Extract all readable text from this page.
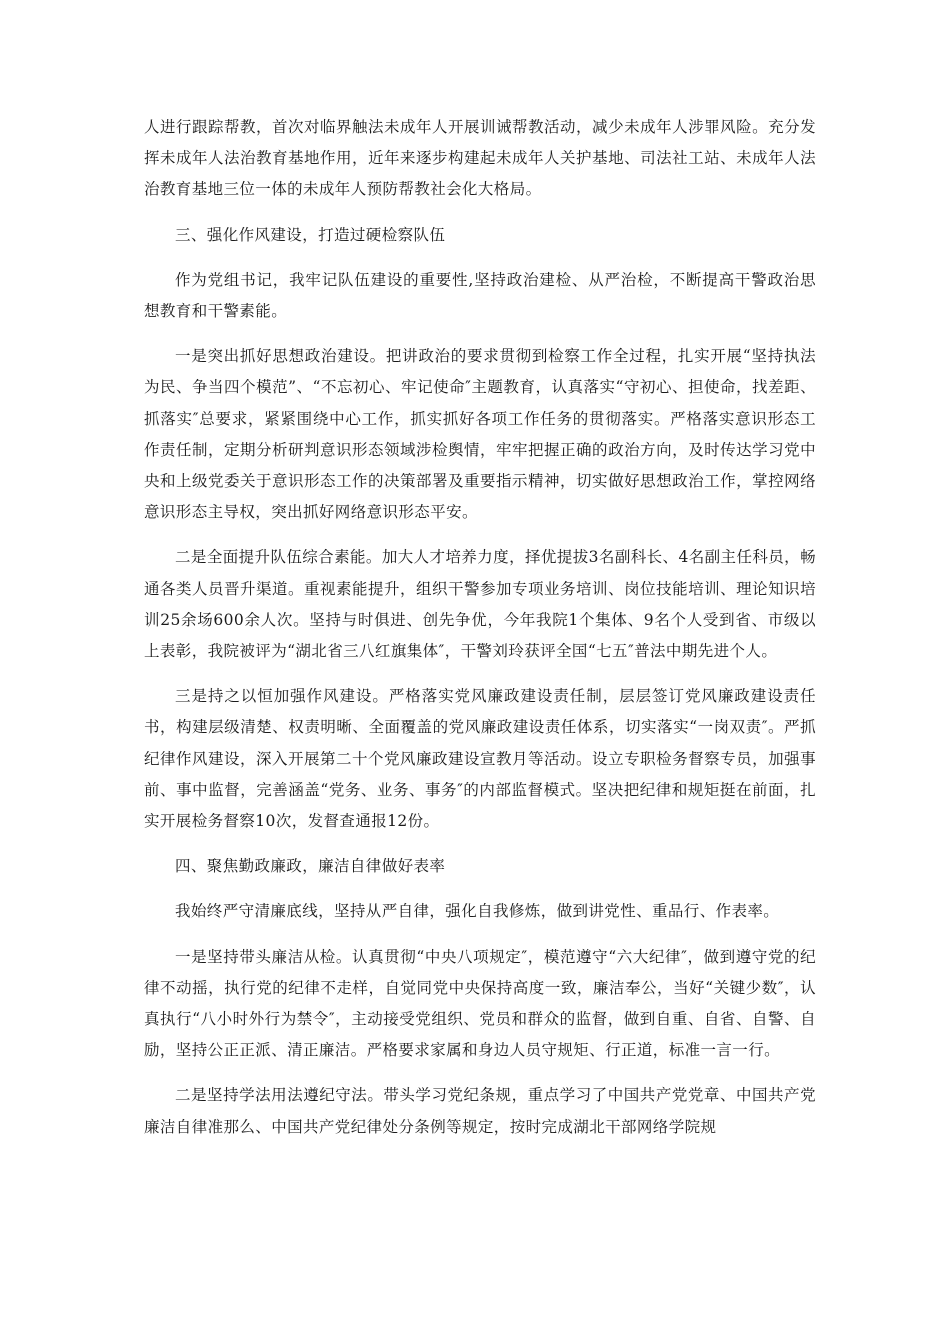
人进行跟踪帮教，首次对临界触法未成年人开展训诫帮教活动，减少未成年人涉罪风险。充分发挥未成年人法治教育基地作用，近年来逐步构建起未成年人关护基地、司法社工站、未成年人法治教育基地三位一体的未成年人预防帮教社会化大格局。

三、强化作风建设，打造过硬检察队伍

作为党组书记，我牢记队伍建设的重要性,坚持政治建检、从严治检，不断提高干警政治思想教育和干警素能。

一是突出抓好思想政治建设。把讲政治的要求贯彻到检察工作全过程，扎实开展“坚持执法为民、争当四个模范”、“不忘初心、牢记使命″主题教育，认真落实“守初心、担使命，找差距、抓落实″总要求，紧紧围绕中心工作，抓实抓好各项工作任务的贯彻落实。严格落实意识形态工作责任制，定期分析研判意识形态领域涉检舆情，牢牢把握正确的政治方向，及时传达学习党中央和上级党委关于意识形态工作的决策部署及重要指示精神，切实做好思想政治工作，掌控网络意识形态主导权，突出抓好网络意识形态平安。

二是全面提升队伍综合素能。加大人才培养力度，择优提拔3名副科长、4名副主任科员，畅通各类人员晋升渠道。重视素能提升，组织干警参加专项业务培训、岗位技能培训、理论知识培训25余场600余人次。坚持与时俱进、创先争优，今年我院1个集体、9名个人受到省、市级以上表彰，我院被评为“湖北省三八红旗集体″，干警刘玲获评全国“七五″普法中期先进个人。

三是持之以恒加强作风建设。严格落实党风廉政建设责任制，层层签订党风廉政建设责任书，构建层级清楚、权责明晰、全面覆盖的党风廉政建设责任体系，切实落实“一岗双责″。严抓纪律作风建设，深入开展第二十个党风廉政建设宣教月等活动。设立专职检务督察专员，加强事前、事中监督，完善涵盖“党务、业务、事务″的内部监督模式。坚决把纪律和规矩挺在前面，扎实开展检务督察10次，发督查通报12份。

四、聚焦勤政廉政，廉洁自律做好表率

我始终严守清廉底线，坚持从严自律，强化自我修炼，做到讲党性、重品行、作表率。

一是坚持带头廉洁从检。认真贯彻“中央八项规定″，模范遵守“六大纪律″，做到遵守党的纪律不动摇，执行党的纪律不走样，自觉同党中央保持高度一致，廉洁奉公，当好“关键少数″，认真执行“八小时外行为禁令″，主动接受党组织、党员和群众的监督，做到自重、自省、自警、自励，坚持公正正派、清正廉洁。严格要求家属和身边人员守规矩、行正道，标准一言一行。

二是坚持学法用法遵纪守法。带头学习党纪条规，重点学习了中国共产党党章、中国共产党廉洁自律准那么、中国共产党纪律处分条例等规定，按时完成湖北干部网络学院规
